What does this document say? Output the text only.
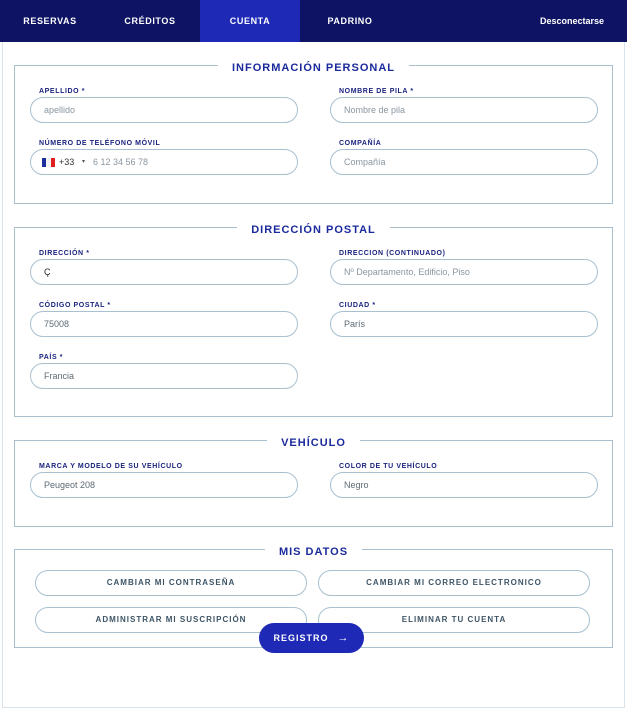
RESERVAS	CRÉDITOS	CUENTA	PADRINO	Desconectarse
INFORMACIÓN PERSONAL
APELLIDO *
apellido	NOMBRE DE PILA *
Nombre de pila
NÚMERO DE TELÉFONO MÓVIL
+33 ▾
6 12 34 56 78
COMPAÑÍA
Compañía
DIRECCIÓN POSTAL
DIRECCIÓN *
Ç	DIRECCION (CONTINUADO)
Nº Departamento, Edificio, Piso
CÓDIGO POSTAL *
75008	CIUDAD *
París
PAÍS *
Francia
VEHÍCULO
MARCA Y MODELO DE SU VEHÍCULO
Peugeot 208	COLOR DE TU VEHÍCULO
Negro
MIS DATOS
CAMBIAR MI CONTRASEÑA	CAMBIAR MI CORREO ELECTRONICO
ADMINISTRAR MI SUSCRIPCIÓN	ELIMINAR TU CUENTA
REGISTRO →
